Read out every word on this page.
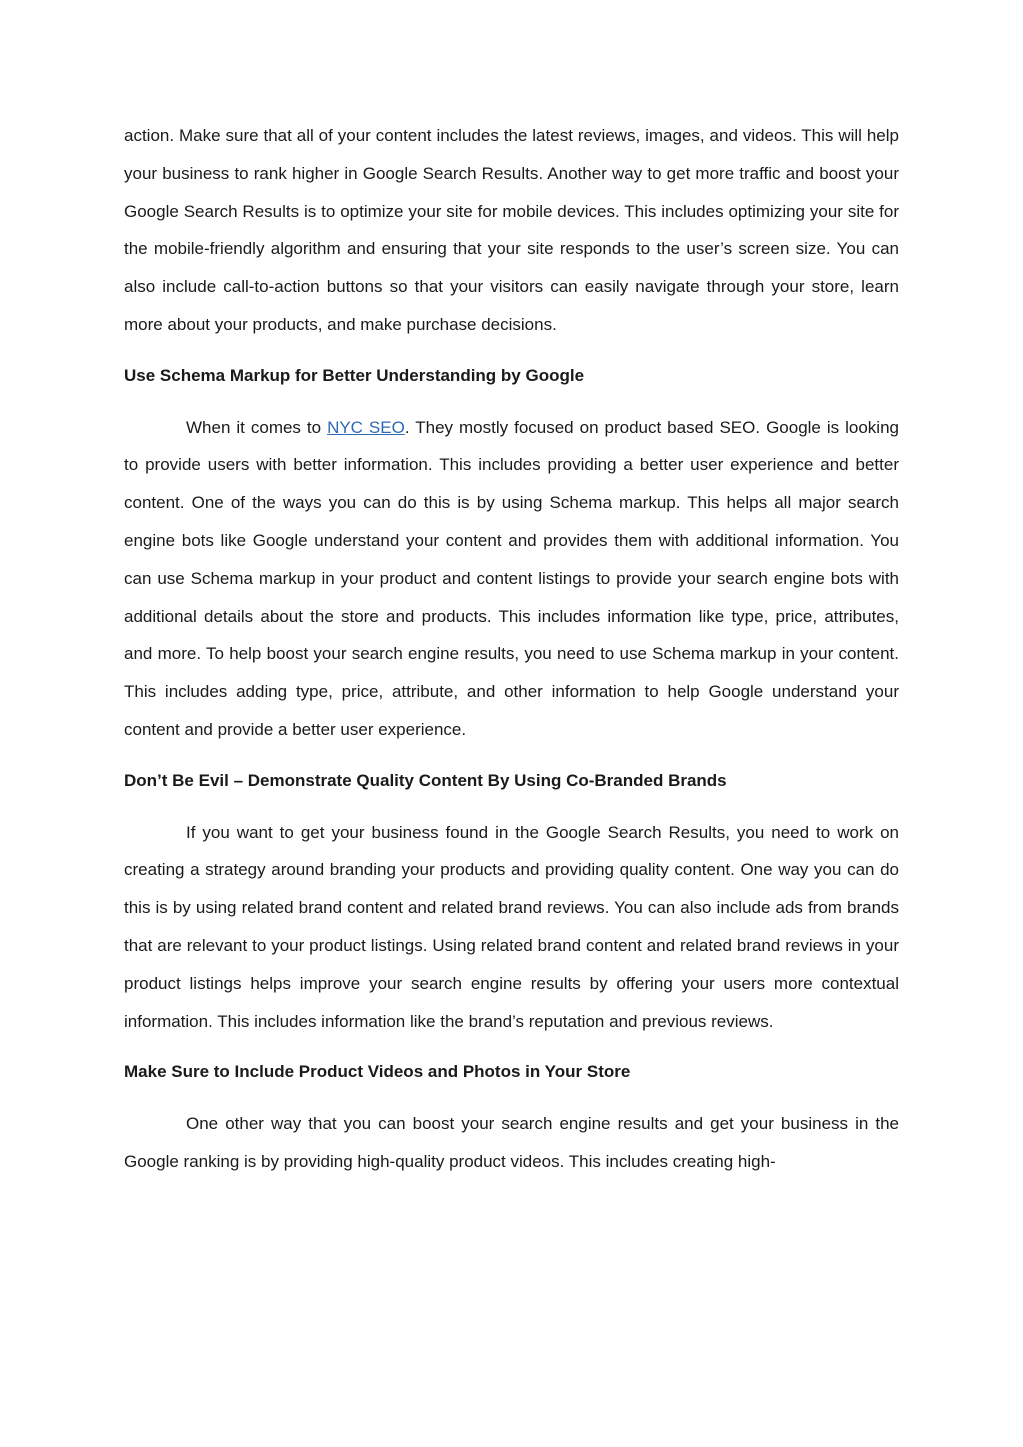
action. Make sure that all of your content includes the latest reviews, images, and videos. This will help your business to rank higher in Google Search Results. Another way to get more traffic and boost your Google Search Results is to optimize your site for mobile devices. This includes optimizing your site for the mobile-friendly algorithm and ensuring that your site responds to the user’s screen size. You can also include call-to-action buttons so that your visitors can easily navigate through your store, learn more about your products, and make purchase decisions.

Use Schema Markup for Better Understanding by Google

When it comes to NYC SEO. They mostly focused on product based SEO. Google is looking to provide users with better information. This includes providing a better user experience and better content. One of the ways you can do this is by using Schema markup. This helps all major search engine bots like Google understand your content and provides them with additional information. You can use Schema markup in your product and content listings to provide your search engine bots with additional details about the store and products. This includes information like type, price, attributes, and more. To help boost your search engine results, you need to use Schema markup in your content. This includes adding type, price, attribute, and other information to help Google understand your content and provide a better user experience.

Don’t Be Evil – Demonstrate Quality Content By Using Co-Branded Brands

If you want to get your business found in the Google Search Results, you need to work on creating a strategy around branding your products and providing quality content. One way you can do this is by using related brand content and related brand reviews. You can also include ads from brands that are relevant to your product listings. Using related brand content and related brand reviews in your product listings helps improve your search engine results by offering your users more contextual information. This includes information like the brand’s reputation and previous reviews.

Make Sure to Include Product Videos and Photos in Your Store

One other way that you can boost your search engine results and get your business in the Google ranking is by providing high-quality product videos. This includes creating high-
